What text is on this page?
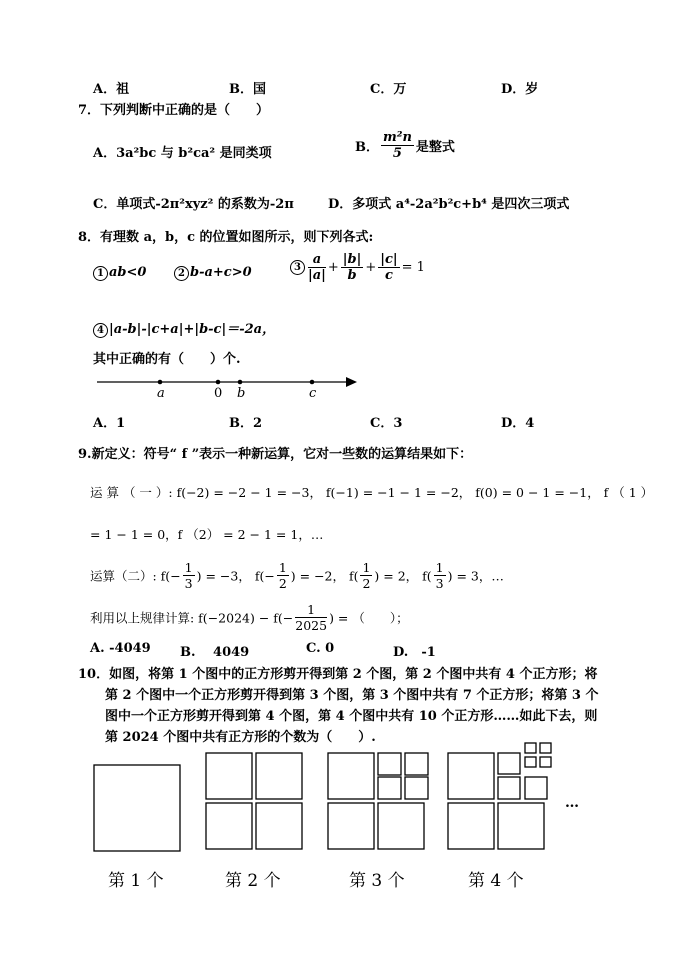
A．祖	B．国	C．万	D．岁
7．下列判断中正确的是（　　）
A．3a²bc 与 b²ca² 是同类项	B． $\frac{\text{m²n}}{5}$ 是整式
C．单项式-2π²xyz² 的系数为-2π	D．多项式 a⁴-2a²b²c+b⁴ 是四次三项式
8．有理数 a，b，c 的位置如图所示，则下列各式:
1 ab<0	2 b-a+c>0	$3 \frac{a}{|a|} + \frac{|b|}{b} + \frac{|c|}{c} = 1$
4 |a-b|-|c+a|+|b-c|＝-2a，
其中正确的有（　　）个.
a	0 b	c
A．1	B．2	C．3	D．4
9.新定义：符号“ f ”表示一种新运算，它对一些数的运算结果如下：
运 算 （ 一 ）: f(−2) = −2 − 1 = −3， f(−1) = −1 − 1 = −2， f(0) = 0 − 1 = −1， f （ 1 ）
= 1 − 1 = 0，f （2） = 2 − 1 = 1，…
运算（二）: $f(- \frac{1}{3}$ ) = −3， $f(- \frac{1}{2}$ ) = −2， $f( \frac{1}{2}$ ) = 2， $f( \frac{1}{3}$ ) = 3，…
利用以上规律计算: $f(-2024) - f(- \frac{1}{2025}$ ) = （　　）；
A. -4049 B.　 4049	C. 0	D.　-1
10．如图，将第 1 个图中的正方形剪开得到第 2 个图，第 2 个图中共有 4 个正方形；将
第 2 个图中一个正方形剪开得到第 3 个图，第 3 个图中共有 7 个正方形；将第 3 个
图中一个正方形剪开得到第 4 个图，第 4 个图中共有 10 个正方形……如此下去，则
第 2024 个图中共有正方形的个数为（　　）.
…
第 1 个	第 2 个	第 3 个	第 4 个
